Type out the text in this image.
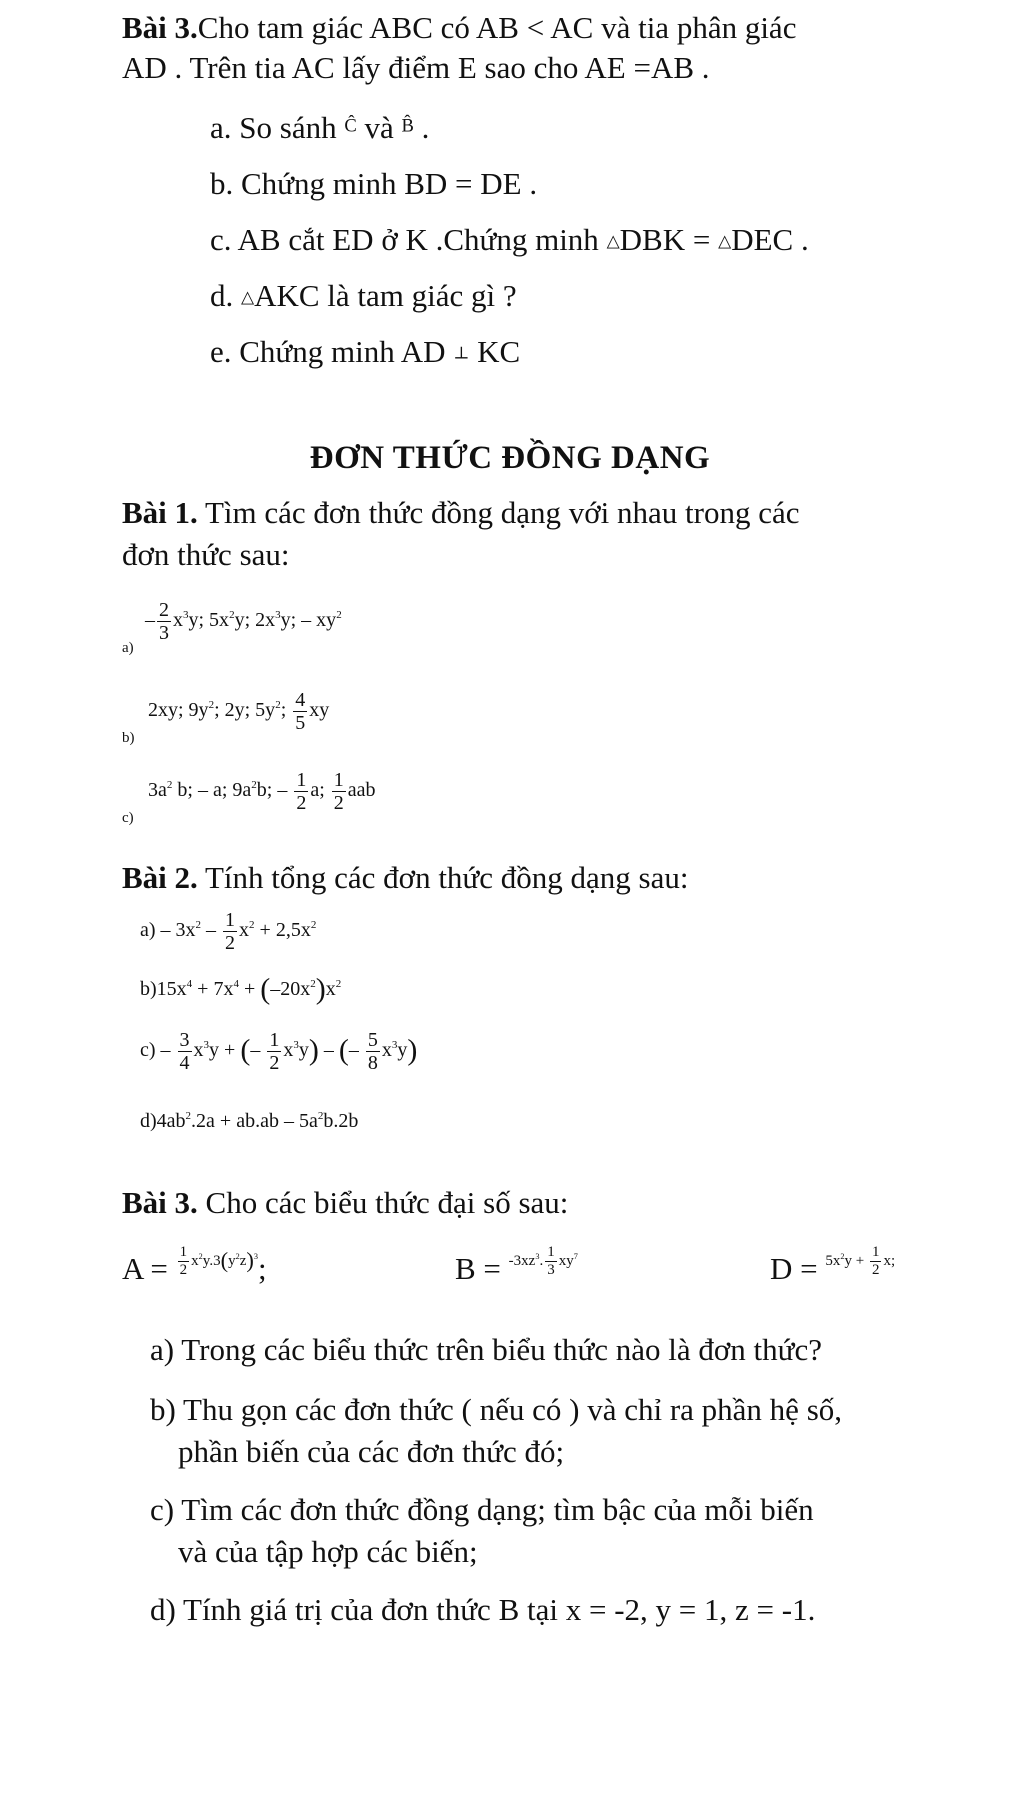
Bài 3.Cho tam giác ABC có AB < AC và tia phân giác
AD . Trên tia AC lấy điểm E sao cho AE =AB .
a. So sánh $^Ĉ$ và $^{B̂}$ .
b. Chứng minh BD = DE .
c. AB cắt ED ở K .Chứng minh △DBK = △DEC .
d. △AKC là tam giác gì ?
e. Chứng minh AD ⊥ KC
ĐƠN THỨC ĐỒNG DẠNG
Bài 1. Tìm các đơn thức đồng dạng với nhau trong các
đơn thức sau:
a)
– $\frac{2}{3} x^3y$; $5x^2y$; $2x^3y$; – $xy^2$
b)
2xy; $9y^2$; 2y; $5y^2$; $\frac{4}{5}$ xy
c)
$3a^2$ b; – a; $9a^2b$; – $\frac{1}{2} a$; $\frac{1}{2}$ aab
Bài 2. Tính tổng các đơn thức đồng dạng sau:
$a) - 3x^2 - \frac{1}{2} x^2 + 2,5x^2$
$b)15x^4 + 7x^4 + (-20x^2)x^2$
$c) - \frac{3}{4} x^3y$ + (– $\frac{1}{2} x^3y$) – (– $\frac{5}{8} x^3y$)
$d)4ab^2.2a + ab.ab - 5a^2b.2b$
Bài 3. Cho các biểu thức đại số sau:
$A = \frac{1}{2} x^2y.3(y^2z)^3$;	$B = -3xz^3$. $\frac{1}{3} xy^7$	$D = 5x^2y + \frac{1}{2} x$;
a) Trong các biểu thức trên biểu thức nào là đơn thức?
b) Thu gọn các đơn thức ( nếu có ) và chỉ ra phần hệ số,
phần biến của các đơn thức đó;
c) Tìm các đơn thức đồng dạng; tìm bậc của mỗi biến
và của tập hợp các biến;
d) Tính giá trị của đơn thức B tại x = -2, y = 1, z = -1.
